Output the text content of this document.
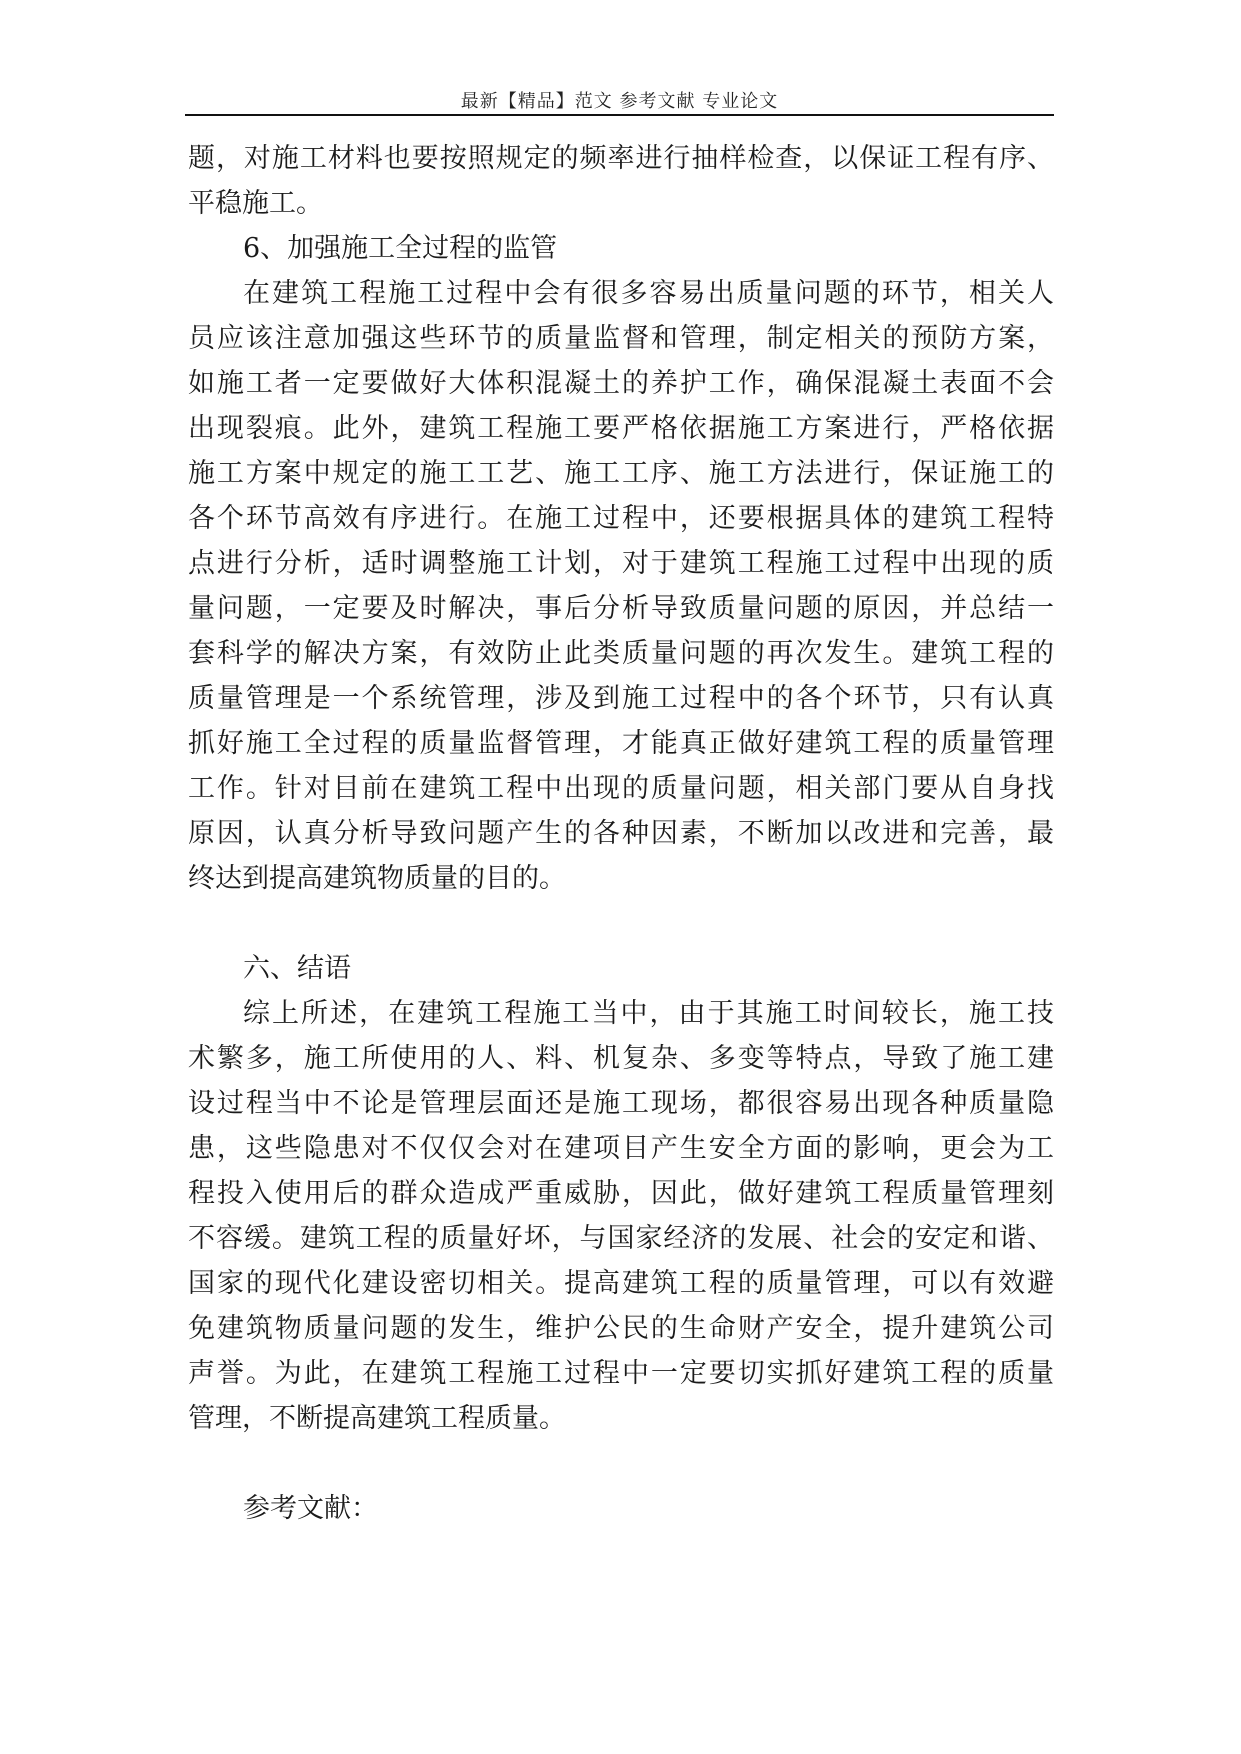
最新【精品】范文 参考文献 专业论文
题，对施工材料也要按照规定的频率进行抽样检查，以保证工程有序、
平稳施工。
6、加强施工全过程的监管
在建筑工程施工过程中会有很多容易出质量问题的环节，相关人
员应该注意加强这些环节的质量监督和管理，制定相关的预防方案，
如施工者一定要做好大体积混凝土的养护工作，确保混凝土表面不会
出现裂痕。此外，建筑工程施工要严格依据施工方案进行，严格依据
施工方案中规定的施工工艺、施工工序、施工方法进行，保证施工的
各个环节高效有序进行。在施工过程中，还要根据具体的建筑工程特
点进行分析，适时调整施工计划，对于建筑工程施工过程中出现的质
量问题，一定要及时解决，事后分析导致质量问题的原因，并总结一
套科学的解决方案，有效防止此类质量问题的再次发生。建筑工程的
质量管理是一个系统管理，涉及到施工过程中的各个环节，只有认真
抓好施工全过程的质量监督管理，才能真正做好建筑工程的质量管理
工作。针对目前在建筑工程中出现的质量问题，相关部门要从自身找
原因，认真分析导致问题产生的各种因素，不断加以改进和完善，最
终达到提高建筑物质量的目的。
六、结语
综上所述，在建筑工程施工当中，由于其施工时间较长，施工技
术繁多，施工所使用的人、料、机复杂、多变等特点，导致了施工建
设过程当中不论是管理层面还是施工现场，都很容易出现各种质量隐
患，这些隐患对不仅仅会对在建项目产生安全方面的影响，更会为工
程投入使用后的群众造成严重威胁，因此，做好建筑工程质量管理刻
不容缓。建筑工程的质量好坏，与国家经济的发展、社会的安定和谐、
国家的现代化建设密切相关。提高建筑工程的质量管理，可以有效避
免建筑物质量问题的发生，维护公民的生命财产安全，提升建筑公司
声誉。为此，在建筑工程施工过程中一定要切实抓好建筑工程的质量
管理，不断提高建筑工程质量。
参考文献：
